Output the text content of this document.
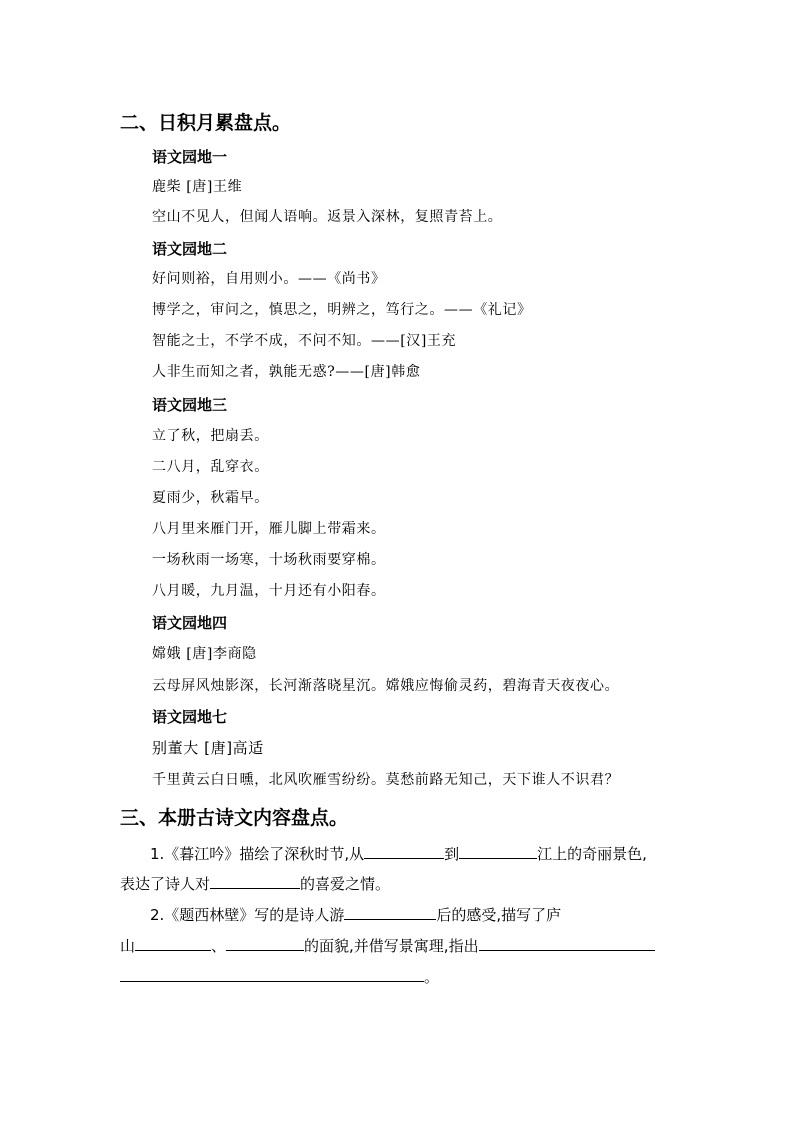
二、日积月累盘点。
语文园地一
鹿柴 [唐]王维
空山不见人，但闻人语响。返景入深林，复照青苔上。
语文园地二
好问则裕，自用则小。——《尚书》
博学之，审问之，慎思之，明辨之，笃行之。——《礼记》
智能之士，不学不成，不问不知。——[汉]王充
人非生而知之者，孰能无惑?——[唐]韩愈
语文园地三
立了秋，把扇丢。
二八月，乱穿衣。
夏雨少，秋霜早。
八月里来雁门开，雁儿脚上带霜来。
一场秋雨一场寒，十场秋雨要穿棉。
八月暖，九月温，十月还有小阳春。
语文园地四
嫦娥 [唐]李商隐
云母屏风烛影深，长河渐落晓星沉。嫦娥应悔偷灵药，碧海青天夜夜心。
语文园地七
别董大 [唐]高适
千里黄云白日曛，北风吹雁雪纷纷。莫愁前路无知己，天下谁人不识君？
三、本册古诗文内容盘点。
1.《暮江吟》描绘了深秋时节,从	到	江上的奇丽景色,
表达了诗人对	的喜爱之情。
2.《题西林壁》写的是诗人游	后的感受,描写了庐
山	、	的面貌,并借写景寓理,指出
。
